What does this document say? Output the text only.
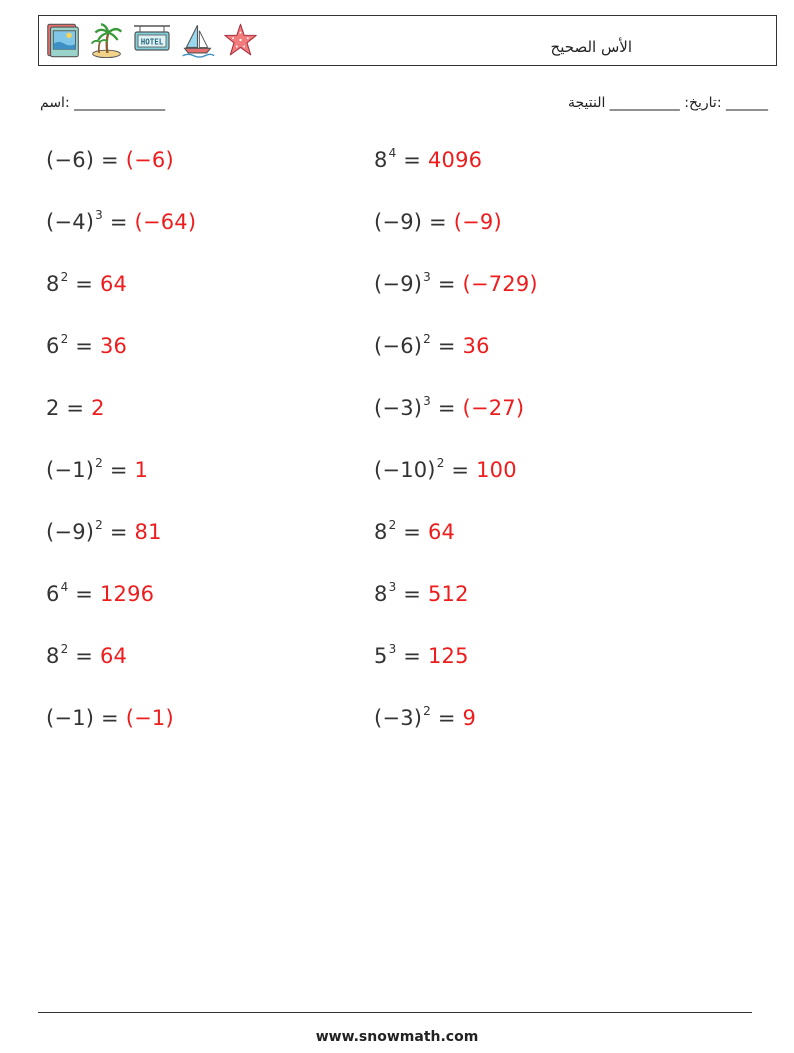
HOTEL	الأس الصحيح
______ :تاريخ: __________ النتيجة
_____________ :اسم
(−6) = (−6)	$8^4 = 4096$
$(-4)^3 = (-64)$	(−9) = (−9)
$8^2 = 64$	$(-9)^3 = (-729)$
$6^2 = 36$	$(-6)^2 = 36$
2 = 2	$(-3)^3 = (-27)$
$(-1)^2 = 1$	$(-10)^2 = 100$
$(-9)^2 = 81$	$8^2 = 64$
$6^4 = 1296$	$8^3 = 512$
$8^2 = 64$	$5^3 = 125$
(−1) = (−1)	$(-3)^2 = 9$
www.snowmath.com
